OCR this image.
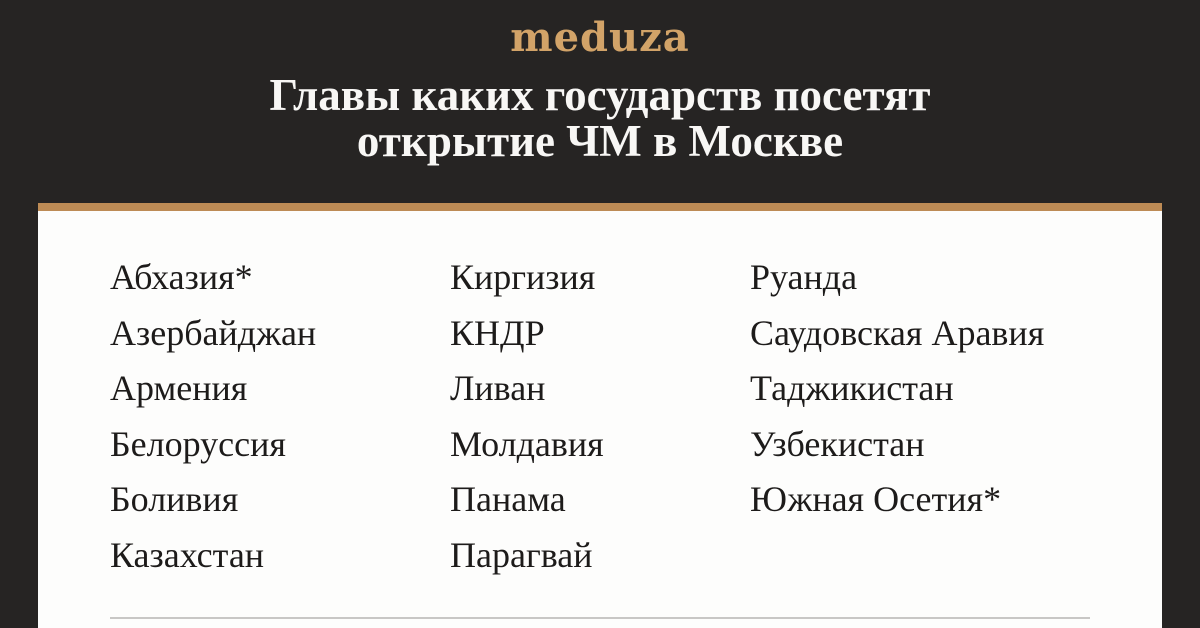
meduza
Главы каких государств посетят
открытие ЧМ в Москве
Абхазия*
Азербайджан
Армения
Белоруссия
Боливия
Казахстан
Киргизия
КНДР
Ливан
Молдавия
Панама
Парагвай
Руанда
Саудовская Аравия
Таджикистан
Узбекистан
Южная Осетия*
